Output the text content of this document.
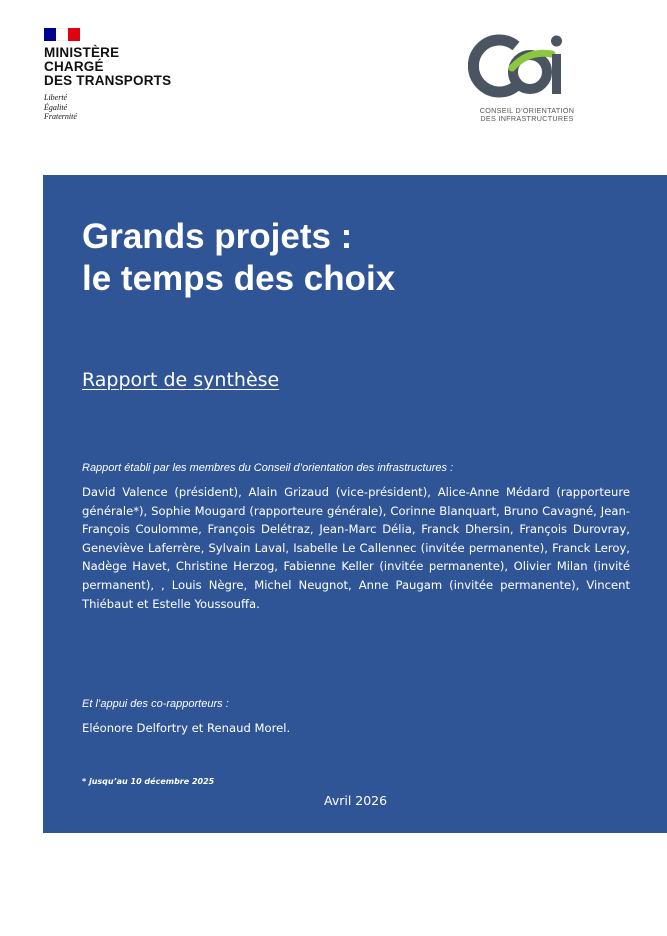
MINISTÈRE
CHARGÉ
DES TRANSPORTS
Liberté
Égalité
Fraternité
CONSEIL D’ORIENTATION
DES INFRASTRUCTURES
Grands projets :
le temps des choix
Rapport de synthèse
Rapport établi par les membres du Conseil d’orientation des infrastructures :
David Valence (président), Alain Grizaud (vice-président), Alice-Anne Médard (rapporteure générale*), Sophie Mougard (rapporteure générale), Corinne Blanquart, Bruno Cavagné, Jean-François Coulomme, François Delétraz, Jean-Marc Délia, Franck Dhersin, François Durovray, Geneviève Laferrère, Sylvain Laval, Isabelle Le Callennec (invitée permanente), Franck Leroy, Nadège Havet, Christine Herzog, Fabienne Keller (invitée permanente), Olivier Milan (invité permanent), , Louis Nègre, Michel Neugnot, Anne Paugam (invitée permanente), Vincent Thiébaut et Estelle Youssouffa.
Et l’appui des co-rapporteurs :
Eléonore Delfortry et Renaud Morel.
* jusqu’au 10 décembre 2025
Avril 2026
